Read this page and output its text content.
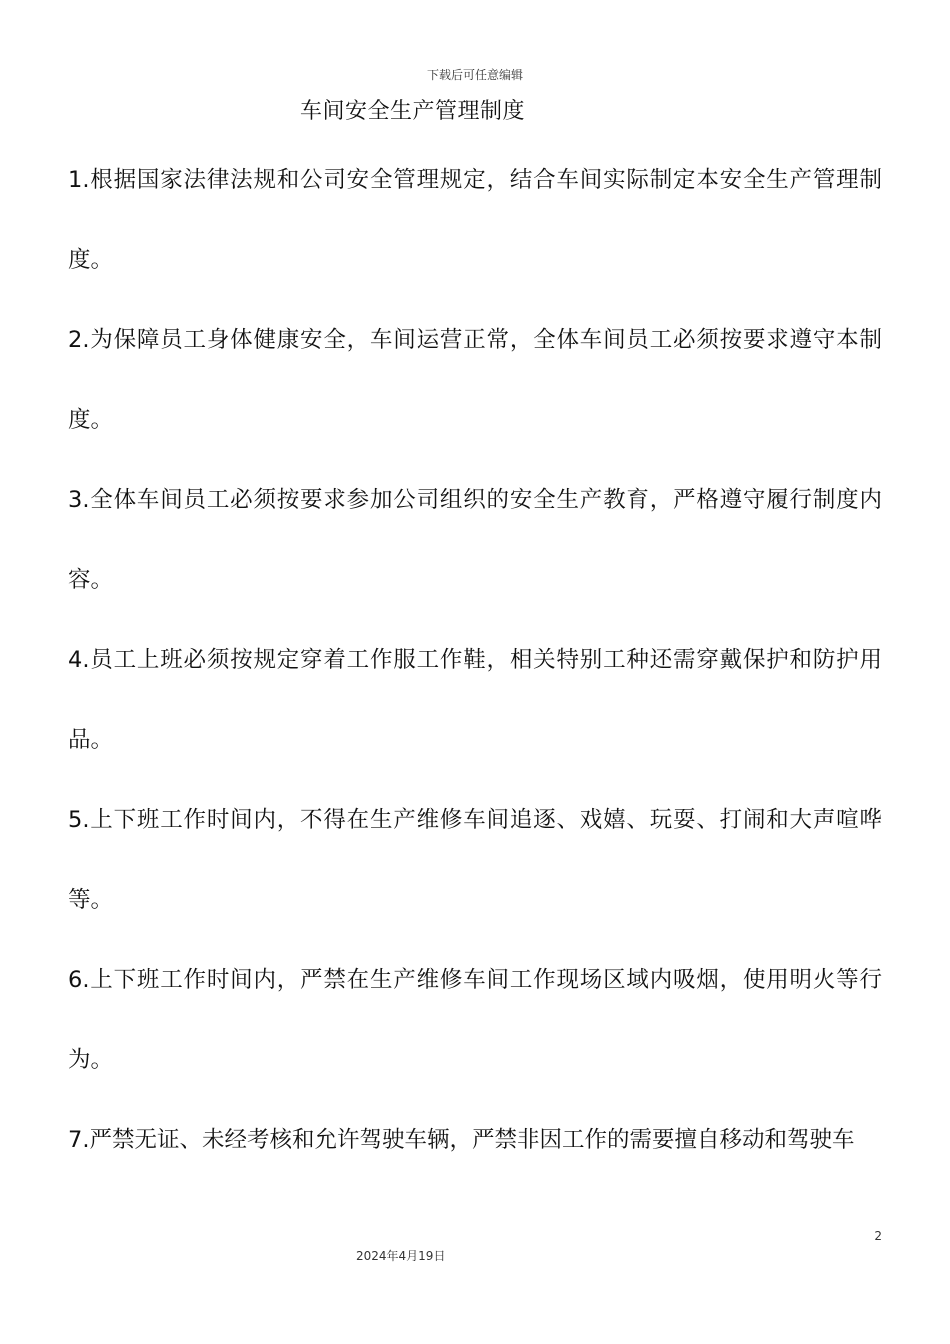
下载后可任意编辑
车间安全生产管理制度

1.根据国家法律法规和公司安全管理规定，结合车间实际制定本安全生产管理制度。

2.为保障员工身体健康安全，车间运营正常，全体车间员工必须按要求遵守本制度。

3.全体车间员工必须按要求参加公司组织的安全生产教育，严格遵守履行制度内容。

4.员工上班必须按规定穿着工作服工作鞋，相关特别工种还需穿戴保护和防护用品。

5.上下班工作时间内，不得在生产维修车间追逐、戏嬉、玩耍、打闹和大声喧哗等。

6.上下班工作时间内，严禁在生产维修车间工作现场区域内吸烟，使用明火等行为。

7.严禁无证、未经考核和允许驾驶车辆，严禁非因工作的需要擅自移动和驾驶车

2
2024年4月19日
